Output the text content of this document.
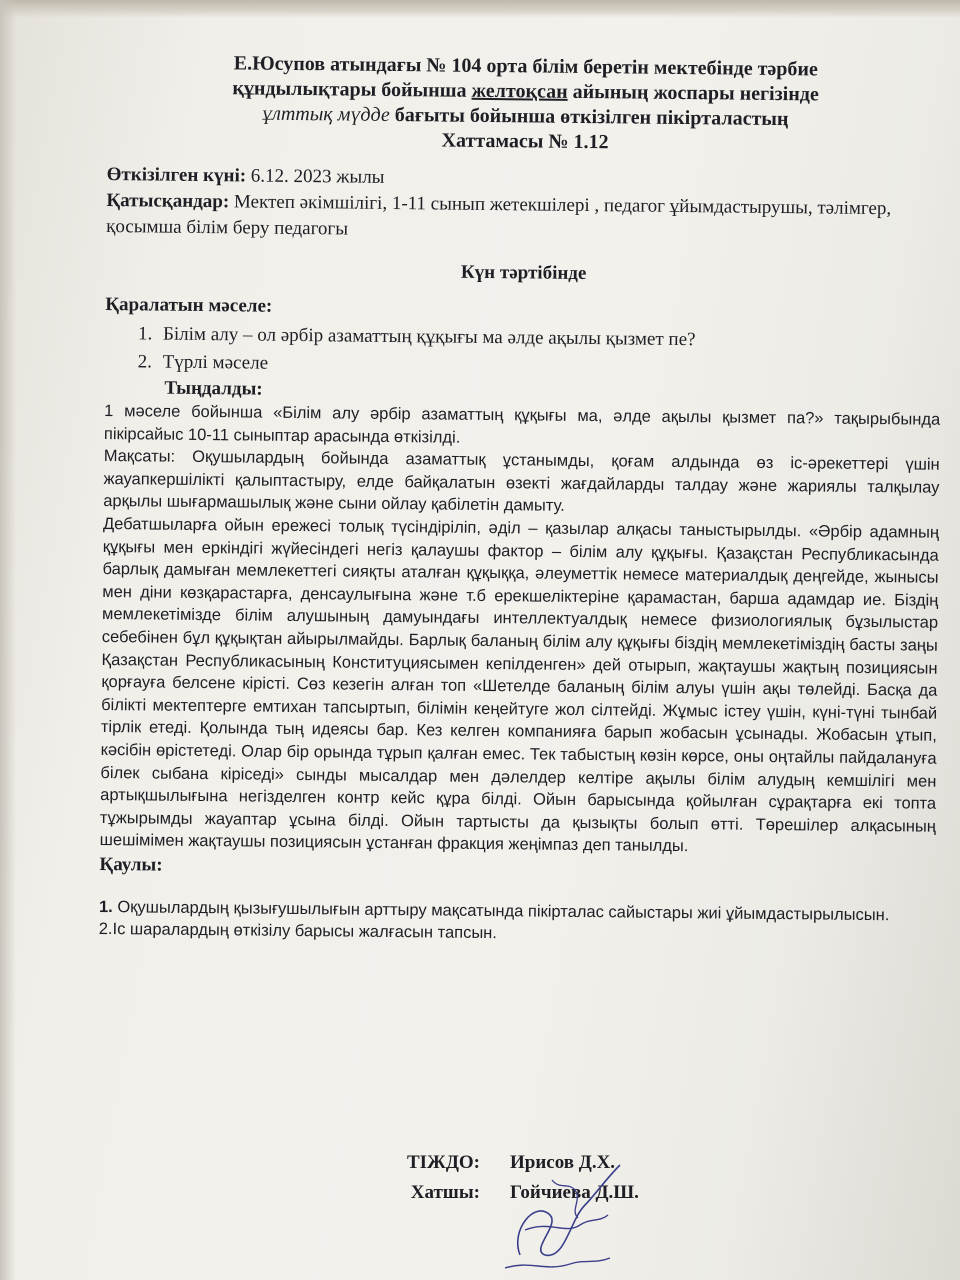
Е.Юсупов атындағы № 104 орта білім беретін мектебінде тәрбие
құндылықтары бойынша желтоқсан айының жоспары негізінде
ұлттық мүдде бағыты бойынша өткізілген пікірталастың
Хаттамасы № 1.12
Өткізілген күні: 6.12. 2023 жылы
Қатысқандар: Мектеп әкімшілігі, 1-11 сынып жетекшілері , педагог ұйымдастырушы, тәлімгер, қосымша білім беру педагогы
Күн тәртібінде
Қаралатын мәселе:
1. Білім алу – ол әрбір азаматтың құқығы ма әлде ақылы қызмет пе?
2. Түрлі мәселе
Тыңдалды:

1 мәселе бойынша «Білім алу әрбір азаматтың құқығы ма, әлде ақылы қызмет па?» тақырыбында пікірсайыс 10-11 сыныптар арасында өткізілді.

Мақсаты: Оқушылардың бойында азаматтық ұстанымды, қоғам алдында өз іс-әрекеттері үшін жауапкершілікті қалыптастыру, елде байқалатын өзекті жағдайларды талдау және жариялы талқылау арқылы шығармашылық және сыни ойлау қабілетін дамыту.

Дебатшыларға ойын ережесі толық түсіндіріліп, әділ – қазылар алқасы таныстырылды. «Әрбір адамның құқығы мен еркіндігі жүйесіндегі негіз қалаушы фактор – білім алу құқығы. Қазақстан Республикасында барлық дамыған мемлекеттегі сияқты аталған құқыққа, әлеуметтік немесе материалдық деңгейде, жынысы мен діни көзқарастарға, денсаулығына және т.б ерекшеліктеріне қарамастан, барша адамдар ие. Біздің мемлекетімізде білім алушының дамуындағы интеллектуалдық немесе физиологиялық бұзылыстар себебінен бұл құқықтан айырылмайды. Барлық баланың білім алу құқығы біздің мемлекетіміздің басты заңы Қазақстан Республикасының Конституциясымен кепілденген» дей отырып, жақтаушы жақтың позициясын қорғауға белсене кірісті. Сөз кезегін алған топ «Шетелде баланың білім алуы үшін ақы төлейді. Басқа да білікті мектептерге емтихан тапсыртып, білімін кеңейтуге жол сілтейді. Жұмыс істеу үшін, күні-түні тынбай тірлік етеді. Қолында тың идеясы бар. Кез келген компанияға барып жобасын ұсынады. Жобасын ұтып, кәсібін өрістетеді. Олар бір орында тұрып қалған емес. Тек табыстың көзін көрсе, оны оңтайлы пайдалануға білек сыбана кіріседі» сынды мысалдар мен дәлелдер келтіре ақылы білім алудың кемшілігі мен артықшылығына негізделген контр кейс құра білді. Ойын барысында қойылған сұрақтарға екі топта тұжырымды жауаптар ұсына білді. Ойын тартысты да қызықты болып өтті. Төрешілер алқасының шешімімен жақтаушы позициясын ұстанған фракция жеңімпаз деп танылды.

Қаулы:

1. Оқушылардың қызығушылығын арттыру мақсатында пікірталас сайыстары жиі ұйымдастырылысын.

2.Іс шаралардың өткізілу барысы жалғасын тапсын.

ТІЖДО:	Ирисов Д.Х.
Хатшы:	Гойчиева Д.Ш.
